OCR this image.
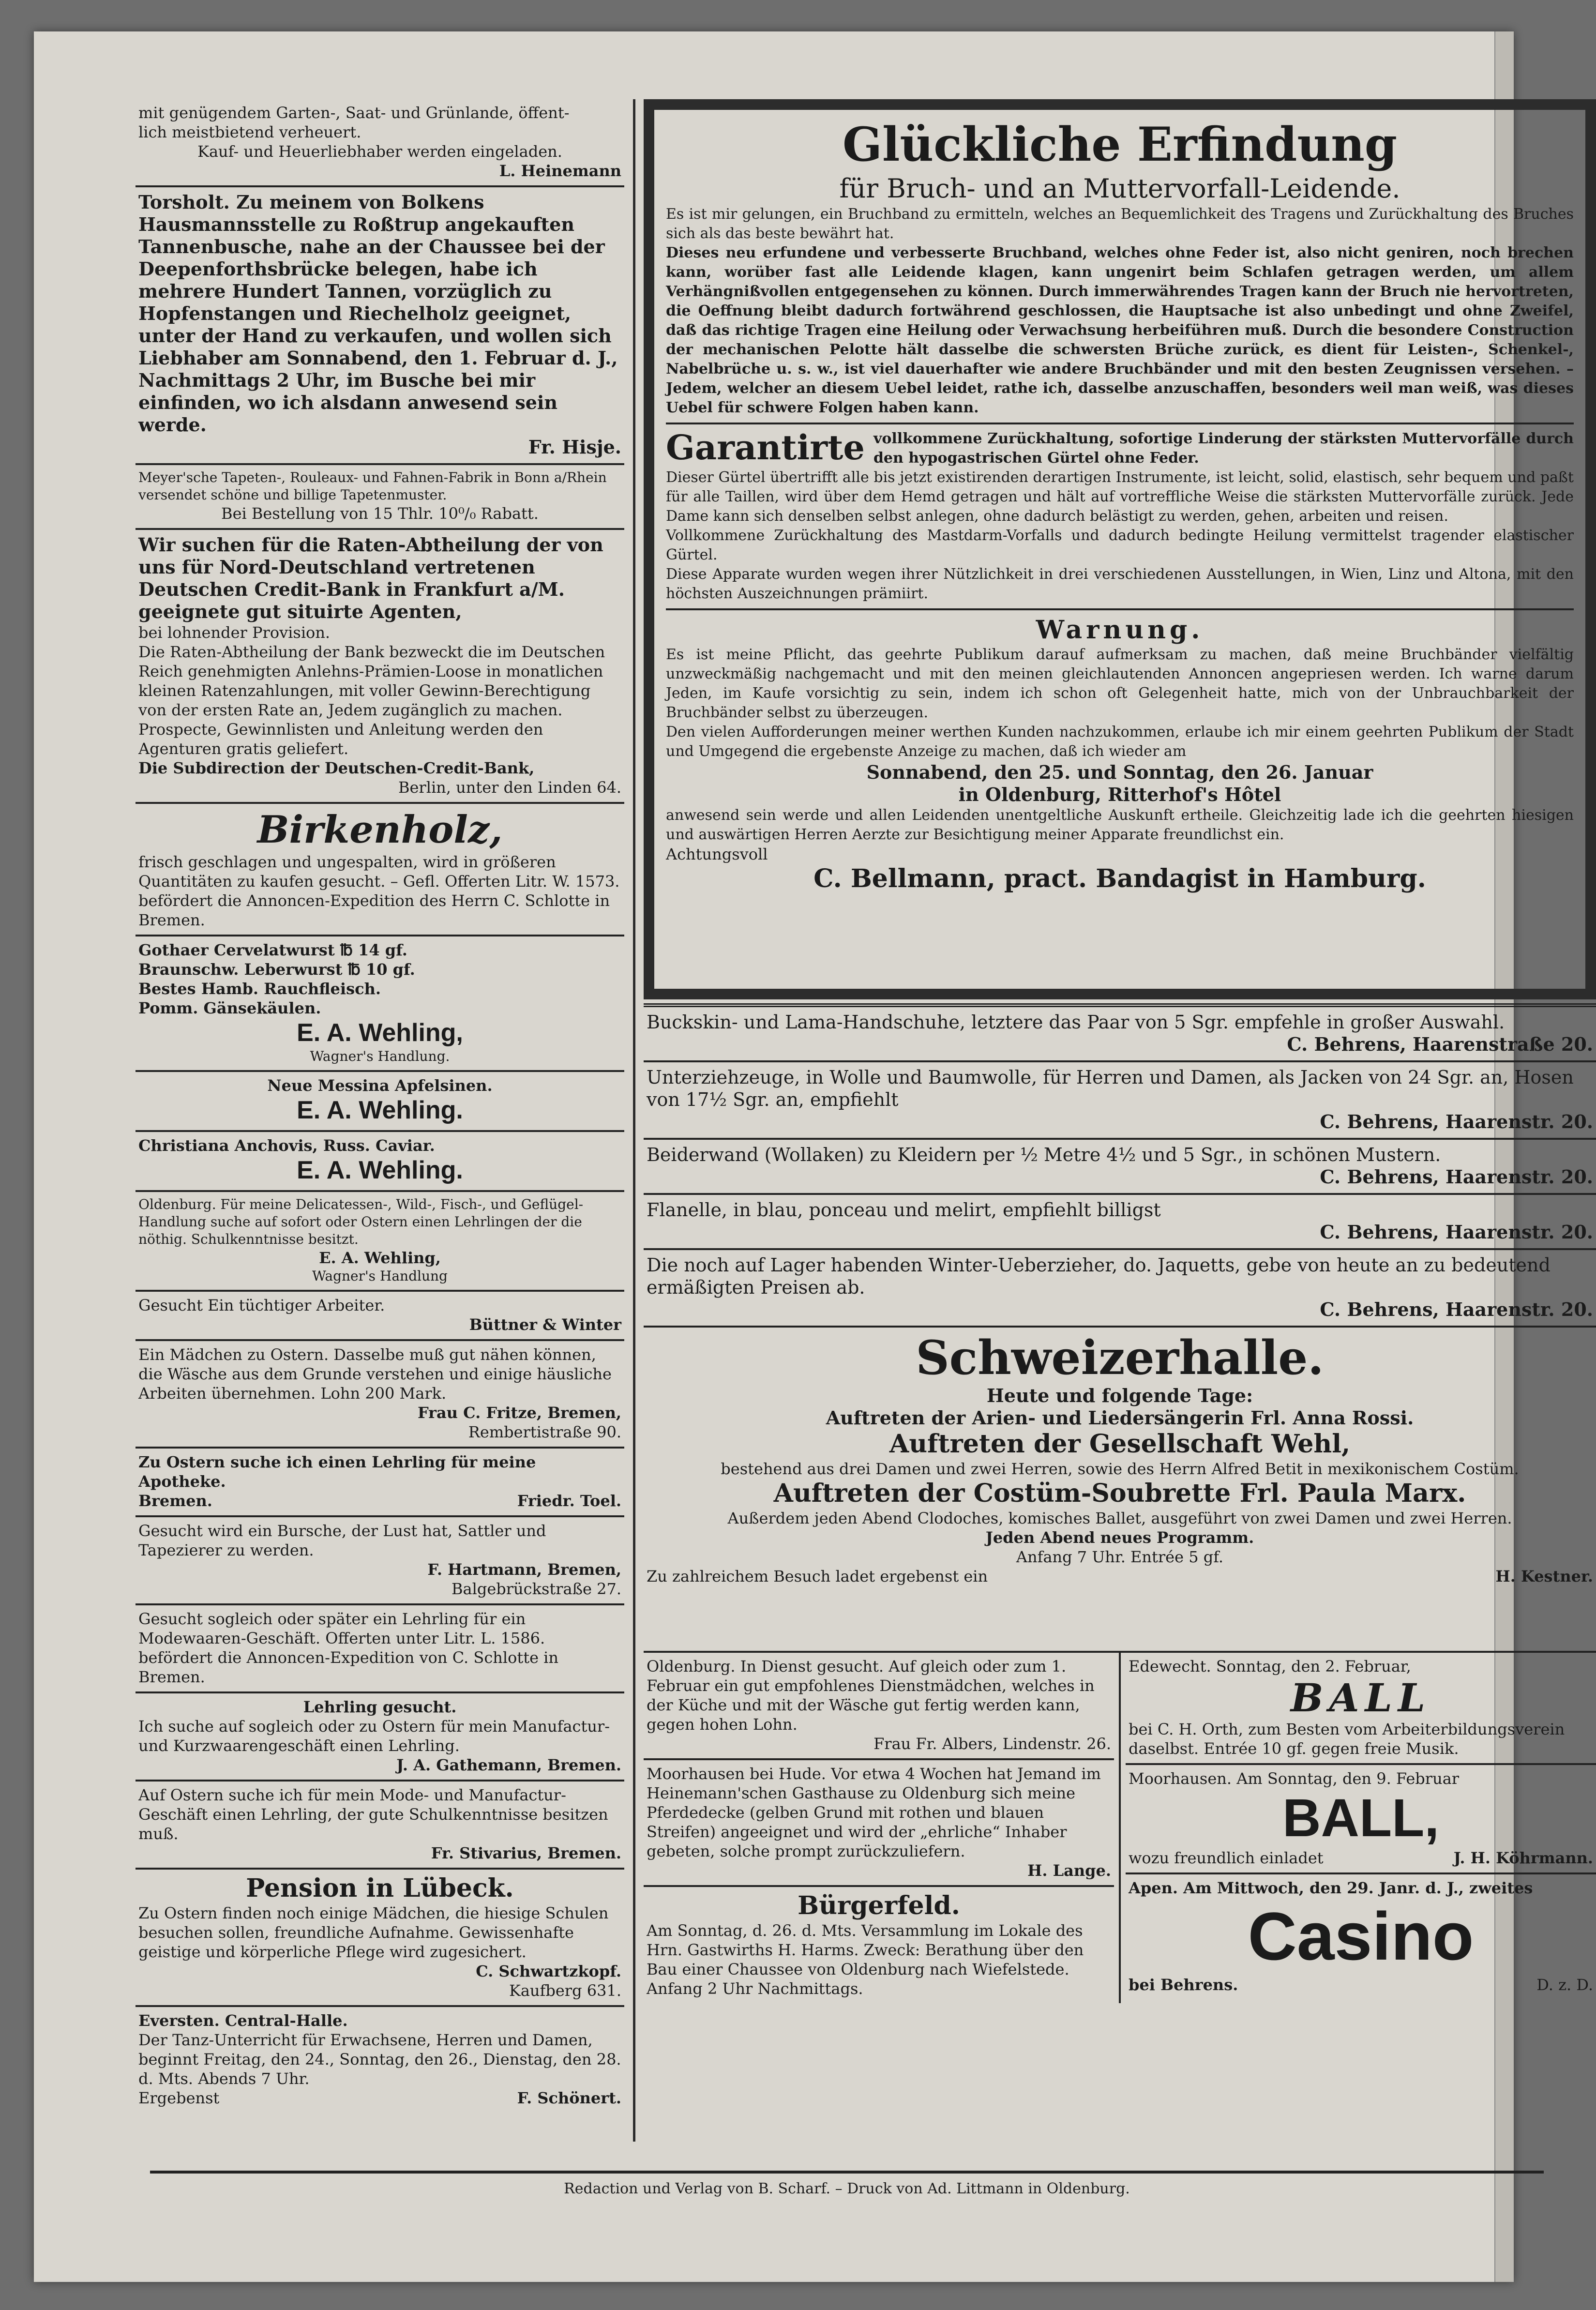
mit genügendem Garten-, Saat- und Grünlande, öffent-
lich meistbietend verheuert.
Kauf- und Heuerliebhaber werden eingeladen.
L. Heinemann
Torsholt. Zu meinem von Bolkens Hausmannsstelle zu Roßtrup angekauften Tannenbusche, nahe an der Chaussee bei der Deepenforthsbrücke belegen, habe ich mehrere Hundert Tannen, vorzüglich zu Hopfenstangen und Riechelholz geeignet, unter der Hand zu verkaufen, und wollen sich Liebhaber am Sonnabend, den 1. Februar d. J., Nachmittags 2 Uhr, im Busche bei mir einfinden, wo ich alsdann anwesend sein werde.
Fr. Hisje.
Meyer'sche Tapeten-, Rouleaux- und Fahnen-Fabrik in Bonn a/Rhein versendet schöne und billige Tapetenmuster.
Bei Bestellung von 15 Thlr. 10⁰/₀ Rabatt.
Wir suchen für die Raten-Abtheilung der von uns für Nord-Deutschland vertretenen Deutschen Credit-Bank in Frankfurt a/M. geeignete gut situirte Agenten,
bei lohnender Provision.
Die Raten-Abtheilung der Bank bezweckt die im Deutschen Reich genehmigten Anlehns-Prämien-Loose in monatlichen kleinen Ratenzahlungen, mit voller Gewinn-Berechtigung von der ersten Rate an, Jedem zugänglich zu machen. Prospecte, Gewinnlisten und Anleitung werden den Agenturen gratis geliefert.
Die Subdirection der Deutschen-Credit-Bank,
Berlin, unter den Linden 64.
Birkenholz,
frisch geschlagen und ungespalten, wird in größeren Quantitäten zu kaufen gesucht. – Gefl. Offerten Litr. W. 1573. befördert die Annoncen-Expedition des Herrn C. Schlotte in Bremen.
Gothaer Cervelatwurst ℔ 14 gf.
Braunschw. Leberwurst ℔ 10 gf.
Bestes Hamb. Rauchfleisch.
Pomm. Gänsekäulen.
E. A. Wehling,
Wagner's Handlung.
Neue Messina Apfelsinen.
E. A. Wehling.
Christiana Anchovis, Russ. Caviar.
E. A. Wehling.
Oldenburg. Für meine Delicatessen-, Wild-, Fisch-, und Geflügel-Handlung suche auf sofort oder Ostern einen Lehrlingen der die nöthig. Schulkenntnisse besitzt.
E. A. Wehling,
Wagner's Handlung
Gesucht Ein tüchtiger Arbeiter.
Büttner & Winter
Ein Mädchen zu Ostern. Dasselbe muß gut nähen können, die Wäsche aus dem Grunde verstehen und einige häusliche Arbeiten übernehmen. Lohn 200 Mark.
Frau C. Fritze, Bremen,
Rembertistraße 90.
Zu Ostern suche ich einen Lehrling für meine Apotheke.
Bremen.	Friedr. Toel.
Gesucht wird ein Bursche, der Lust hat, Sattler und Tapezierer zu werden.
F. Hartmann, Bremen,
Balgebrückstraße 27.
Gesucht sogleich oder später ein Lehrling für ein Modewaaren-Geschäft. Offerten unter Litr. L. 1586. befördert die Annoncen-Expedition von C. Schlotte in Bremen.
Lehrling gesucht.
Ich suche auf sogleich oder zu Ostern für mein Manufactur- und Kurzwaarengeschäft einen Lehrling.
J. A. Gathemann, Bremen.
Auf Ostern suche ich für mein Mode- und Manufactur-Geschäft einen Lehrling, der gute Schulkenntnisse besitzen muß.
Fr. Stivarius, Bremen.
Pension in Lübeck.
Zu Ostern finden noch einige Mädchen, die hiesige Schulen besuchen sollen, freundliche Aufnahme. Gewissenhafte geistige und körperliche Pflege wird zugesichert.
C. Schwartzkopf.
Kaufberg 631.
Eversten. Central-Halle.
Der Tanz-Unterricht für Erwachsene, Herren und Damen, beginnt Freitag, den 24., Sonntag, den 26., Dienstag, den 28. d. Mts. Abends 7 Uhr.
Ergebenst	F. Schönert.
Glückliche Erfindung
für Bruch- und an Muttervorfall-Leidende.

Es ist mir gelungen, ein Bruchband zu ermitteln, welches an Bequemlichkeit des Tragens und Zurückhaltung des Bruches sich als das beste bewährt hat.

Dieses neu erfundene und verbesserte Bruchband, welches ohne Feder ist, also nicht geniren, noch brechen kann, worüber fast alle Leidende klagen, kann ungenirt beim Schlafen getragen werden, um allem Verhängnißvollen entgegensehen zu können. Durch immerwährendes Tragen kann der Bruch nie hervortreten, die Oeffnung bleibt dadurch fortwährend geschlossen, die Hauptsache ist also unbedingt und ohne Zweifel, daß das richtige Tragen eine Heilung oder Verwachsung herbeiführen muß. Durch die besondere Construction der mechanischen Pelotte hält dasselbe die schwersten Brüche zurück, es dient für Leisten-, Schenkel-, Nabelbrüche u. s. w., ist viel dauerhafter wie andere Bruchbänder und mit den besten Zeugnissen versehen. – Jedem, welcher an diesem Uebel leidet, rathe ich, dasselbe anzuschaffen, besonders weil man weiß, was dieses Uebel für schwere Folgen haben kann.

Garantirte vollkommene Zurückhaltung, sofortige Linderung der stärksten Muttervorfälle durch den hypogastrischen Gürtel ohne Feder.

Dieser Gürtel übertrifft alle bis jetzt existirenden derartigen Instrumente, ist leicht, solid, elastisch, sehr bequem und paßt für alle Taillen, wird über dem Hemd getragen und hält auf vortreffliche Weise die stärksten Muttervorfälle zurück. Jede Dame kann sich denselben selbst anlegen, ohne dadurch belästigt zu werden, gehen, arbeiten und reisen.

Vollkommene Zurückhaltung des Mastdarm-Vorfalls und dadurch bedingte Heilung vermittelst tragender elastischer Gürtel.

Diese Apparate wurden wegen ihrer Nützlichkeit in drei verschiedenen Ausstellungen, in Wien, Linz und Altona, mit den höchsten Auszeichnungen prämiirt.

Warnung.

Es ist meine Pflicht, das geehrte Publikum darauf aufmerksam zu machen, daß meine Bruchbänder vielfältig unzweckmäßig nachgemacht und mit den meinen gleichlautenden Annoncen angepriesen werden. Ich warne darum Jeden, im Kaufe vorsichtig zu sein, indem ich schon oft Gelegenheit hatte, mich von der Unbrauchbarkeit der Bruchbänder selbst zu überzeugen.

Den vielen Aufforderungen meiner werthen Kunden nachzukommen, erlaube ich mir einem geehrten Publikum der Stadt und Umgegend die ergebenste Anzeige zu machen, daß ich wieder am

Sonnabend, den 25. und Sonntag, den 26. Januar
in Oldenburg, Ritterhof's Hôtel

anwesend sein werde und allen Leidenden unentgeltliche Auskunft ertheile. Gleichzeitig lade ich die geehrten hiesigen und auswärtigen Herren Aerzte zur Besichtigung meiner Apparate freundlichst ein.

Achtungsvoll
C. Bellmann, pract. Bandagist in Hamburg.
Buckskin- und Lama-Handschuhe, letztere das Paar von 5 Sgr. empfehle in großer Auswahl.
C. Behrens, Haarenstraße 20.
Unterziehzeuge, in Wolle und Baumwolle, für Herren und Damen, als Jacken von 24 Sgr. an, Hosen von 17½ Sgr. an, empfiehlt
C. Behrens, Haarenstr. 20.
Beiderwand (Wollaken) zu Kleidern per ½ Metre 4½ und 5 Sgr., in schönen Mustern.
C. Behrens, Haarenstr. 20.
Flanelle, in blau, ponceau und melirt, empfiehlt billigst
C. Behrens, Haarenstr. 20.
Die noch auf Lager habenden Winter-Ueberzieher, do. Jaquetts, gebe von heute an zu bedeutend ermäßigten Preisen ab.
C. Behrens, Haarenstr. 20.
Schweizerhalle.
Heute und folgende Tage:
Auftreten der Arien- und Liedersängerin Frl. Anna Rossi.
Auftreten der Gesellschaft Wehl,
bestehend aus drei Damen und zwei Herren, sowie des Herrn Alfred Betit in mexikonischem Costüm.
Auftreten der Costüm-Soubrette Frl. Paula Marx.
Außerdem jeden Abend Clodoches, komisches Ballet, ausgeführt von zwei Damen und zwei Herren.
Jeden Abend neues Programm.
Anfang 7 Uhr. Entrée 5 gf.
Zu zahlreichem Besuch ladet ergebenst ein	H. Kestner.
Oldenburg. In Dienst gesucht. Auf gleich oder zum 1. Februar ein gut empfohlenes Dienstmädchen, welches in der Küche und mit der Wäsche gut fertig werden kann, gegen hohen Lohn.
Frau Fr. Albers, Lindenstr. 26.
Moorhausen bei Hude. Vor etwa 4 Wochen hat Jemand im Heinemann'schen Gasthause zu Oldenburg sich meine Pferdedecke (gelben Grund mit rothen und blauen Streifen) angeeignet und wird der „ehrliche“ Inhaber gebeten, solche prompt zurückzuliefern.
H. Lange.
Bürgerfeld.
Am Sonntag, d. 26. d. Mts. Versammlung im Lokale des Hrn. Gastwirths H. Harms. Zweck: Berathung über den Bau einer Chaussee von Oldenburg nach Wiefelstede. Anfang 2 Uhr Nachmittags.
Edewecht. Sonntag, den 2. Februar,
BALL
bei C. H. Orth, zum Besten vom Arbeiterbildungsverein daselbst. Entrée 10 gf. gegen freie Musik.
Moorhausen. Am Sonntag, den 9. Februar
BALL,
wozu freundlich einladet	J. H. Köhrmann.
Apen. Am Mittwoch, den 29. Janr. d. J., zweites
Casino
bei Behrens.	D. z. D.
Redaction und Verlag von B. Scharf. – Druck von Ad. Littmann in Oldenburg.
